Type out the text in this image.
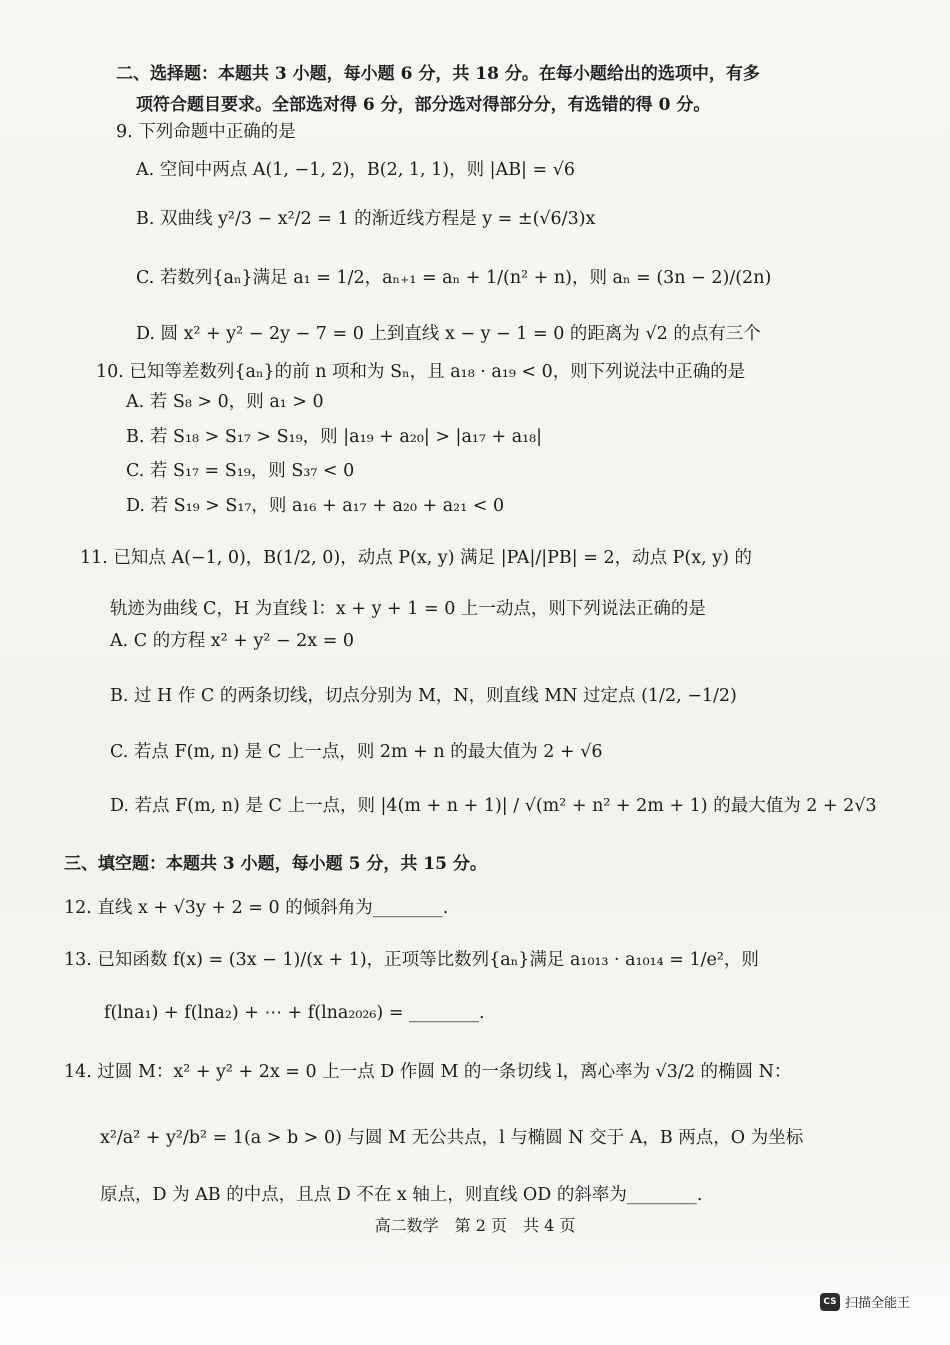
二、选择题：本题共 3 小题，每小题 6 分，共 18 分。在每小题给出的选项中，有多
项符合题目要求。全部选对得 6 分，部分选对得部分分，有选错的得 0 分。
9. 下列命题中正确的是
A. 空间中两点 A(1, −1, 2)，B(2, 1, 1)，则 |AB| = √6
B. 双曲线 y²/3 − x²/2 = 1 的渐近线方程是 y = ±(√6/3)x
C. 若数列{aₙ}满足 a₁ = 1/2，aₙ₊₁ = aₙ + 1/(n² + n)，则 aₙ = (3n − 2)/(2n)
D. 圆 x² + y² − 2y − 7 = 0 上到直线 x − y − 1 = 0 的距离为 √2 的点有三个
10. 已知等差数列{aₙ}的前 n 项和为 Sₙ，且 a₁₈ · a₁₉ < 0，则下列说法中正确的是
A. 若 S₈ > 0，则 a₁ > 0
B. 若 S₁₈ > S₁₇ > S₁₉，则 |a₁₉ + a₂₀| > |a₁₇ + a₁₈|
C. 若 S₁₇ = S₁₉，则 S₃₇ < 0
D. 若 S₁₉ > S₁₇，则 a₁₆ + a₁₇ + a₂₀ + a₂₁ < 0
11. 已知点 A(−1, 0)，B(1/2, 0)，动点 P(x, y) 满足 |PA|/|PB| = 2，动点 P(x, y) 的
轨迹为曲线 C，H 为直线 l：x + y + 1 = 0 上一动点，则下列说法正确的是
A. C 的方程 x² + y² − 2x = 0
B. 过 H 作 C 的两条切线，切点分别为 M，N，则直线 MN 过定点 (1/2, −1/2)
C. 若点 F(m, n) 是 C 上一点，则 2m + n 的最大值为 2 + √6
D. 若点 F(m, n) 是 C 上一点，则 |4(m + n + 1)| / √(m² + n² + 2m + 1) 的最大值为 2 + 2√3
三、填空题：本题共 3 小题，每小题 5 分，共 15 分。
12. 直线 x + √3y + 2 = 0 的倾斜角为________.
13. 已知函数 f(x) = (3x − 1)/(x + 1)，正项等比数列{aₙ}满足 a₁₀₁₃ · a₁₀₁₄ = 1/e²，则
f(lna₁) + f(lna₂) + ⋯ + f(lna₂₀₂₆) = ________.
14. 过圆 M：x² + y² + 2x = 0 上一点 D 作圆 M 的一条切线 l，离心率为 √3/2 的椭圆 N：
x²/a² + y²/b² = 1(a > b > 0) 与圆 M 无公共点，l 与椭圆 N 交于 A，B 两点，O 为坐标
原点，D 为 AB 的中点，且点 D 不在 x 轴上，则直线 OD 的斜率为________.
高二数学　第 2 页　共 4 页
CS 扫描全能王
